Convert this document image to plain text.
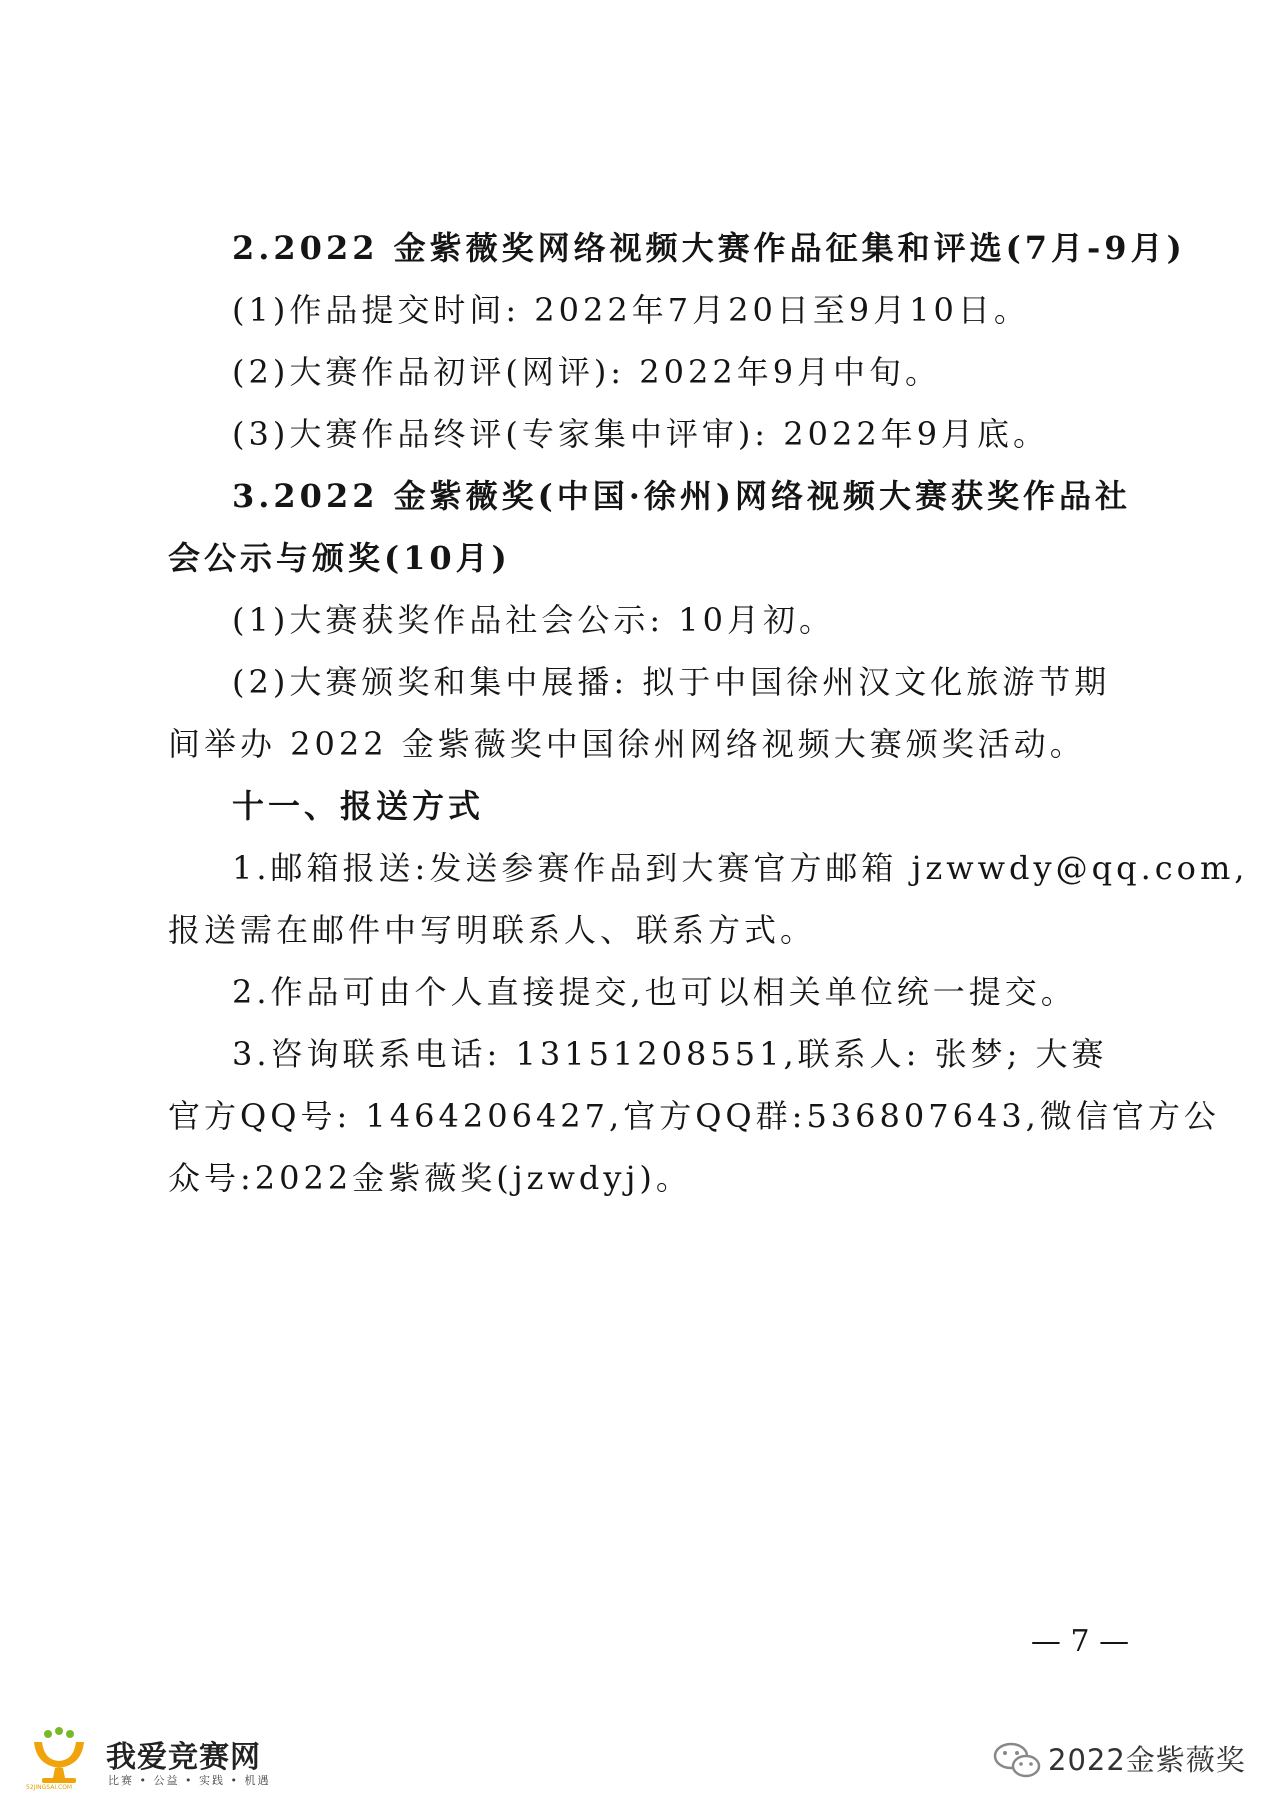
2.2022 金紫薇奖网络视频大赛作品征集和评选(7月-9月)

(1)作品提交时间: 2022年7月20日至9月10日。

(2)大赛作品初评(网评): 2022年9月中旬。

(3)大赛作品终评(专家集中评审): 2022年9月底。

3.2022 金紫薇奖(中国·徐州)网络视频大赛获奖作品社

会公示与颁奖(10月)

(1)大赛获奖作品社会公示: 10月初。

(2)大赛颁奖和集中展播: 拟于中国徐州汉文化旅游节期

间举办 2022 金紫薇奖中国徐州网络视频大赛颁奖活动。

十一、报送方式

1.邮箱报送:发送参赛作品到大赛官方邮箱 jzwwdy@qq.com,

报送需在邮件中写明联系人、联系方式。

2.作品可由个人直接提交,也可以相关单位统一提交。

3.咨询联系电话: 13151208551,联系人: 张梦; 大赛

官方QQ号: 1464206427,官方QQ群:536807643,微信官方公

众号:2022金紫薇奖(jzwdyj)。

— 7 —
我爱竞赛网
比赛 • 公益 • 实践 • 机遇
52JINGSAI.COM
2022金紫薇奖
